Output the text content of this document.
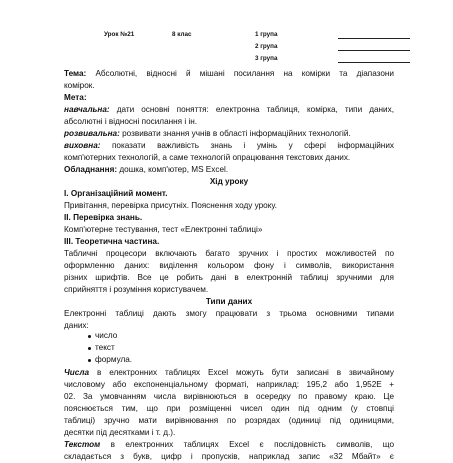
Урок №21	8 клас	1 група
2 група
3 група
Тема: Абсолютні, відносні й мішані посилання на комірки та діапазони
комірок.
Мета:
навчальна: дати основні поняття: електронна таблиця, комірка, типи даних,
абсолютні і відносні посилання і ін.
розвивальна: розвивати знання учнів в області інформаційних технологій.
виховна: показати важливість знань і умінь у сфері інформаційних
комп'ютерних технологій, а саме технологій опрацювання текстових даних.
Обладнання: дошка, комп'ютер, MS Excel.
Хід уроку
І. Організаційний момент.
Привітання, перевірка присутніх. Пояснення ходу уроку.
ІІ. Перевірка знань.
Комп'ютерне тестування, тест «Електронні таблиці»
ІІІ. Теоретична частина.
Табличні процесори включають багато зручних і простих можливостей по
оформленню даних: виділення кольором фону і символів, використання
різних шрифтів. Все це робить дані в електронній таблиці зручними для
сприйняття і розуміння користувачем.
Типи даних
Електронні таблиці дають змогу працювати з трьома основними типами
даних:
число
текст
формула.
Числа в електронних таблицях Excel можуть бути записані в звичайному
числовому або експоненціальному форматі, наприклад: 195,2 або 1,952E +
02. За умовчанням числа вирівнюються в осередку по правому краю. Це
пояснюється тим, що при розміщенні чисел один під одним (у стовпці
таблиці) зручно мати вирівнювання по розрядах (одиниці під одиницями,
десятки під десятками і т. д.).
Текстом в електронних таблицях Excel є послідовність символів, що
складається з букв, цифр і пропусків, наприклад запис «32 Мбайт» є
